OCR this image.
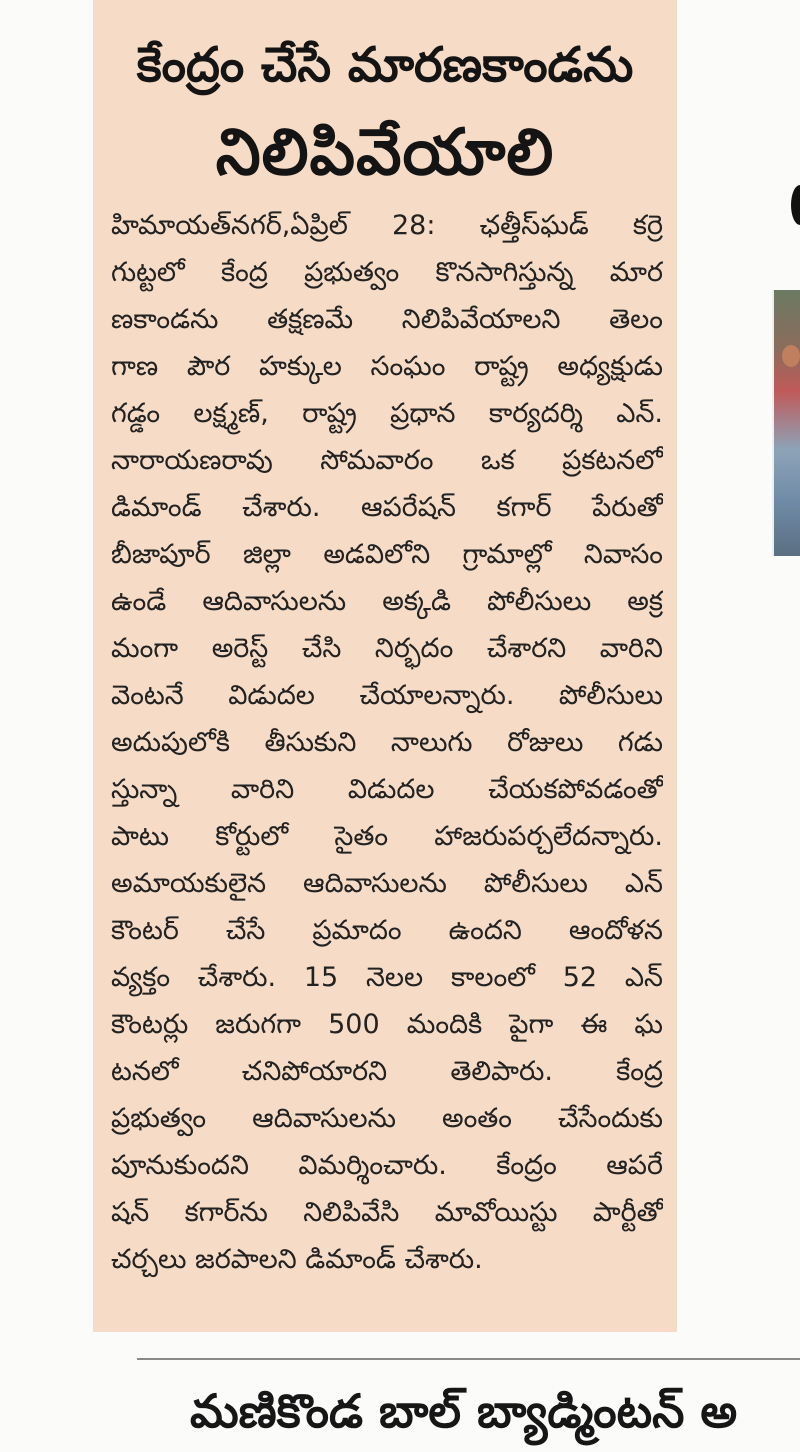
కేంద్రం చేసే మారణకాండను
నిలిపివేయాలి
హిమాయత్‌నగర్,ఏప్రిల్ 28: ఛత్తీస్‌ఘడ్ కర్రె
గుట్టలో కేంద్ర ప్రభుత్వం కొనసాగిస్తున్న మార
ణకాండను తక్షణమే నిలిపివేయాలని తెలం
గాణ పౌర హక్కుల సంఘం రాష్ట్ర అధ్యక్షుడు
గడ్డం లక్ష్మణ్, రాష్ట్ర ప్రధాన కార్యదర్శి ఎన్.
నారాయణరావు సోమవారం ఒక ప్రకటనలో
డిమాండ్ చేశారు. ఆపరేషన్ కగార్ పేరుతో
బీజాపూర్ జిల్లా అడవిలోని గ్రామాల్లో నివాసం
ఉండే ఆదివాసులను అక్కడి పోలీసులు అక్ర
మంగా అరెస్ట్ చేసి నిర్భదం చేశారని వారిని
వెంటనే విడుదల చేయాలన్నారు. పోలీసులు
అదుపులోకి తీసుకుని నాలుగు రోజులు గడు
స్తున్నా వారిని విడుదల చేయకపోవడంతో
పాటు కోర్టులో సైతం హాజరుపర్చలేదన్నారు.
అమాయకులైన ఆదివాసులను పోలీసులు ఎన్
కౌంటర్ చేసే ప్రమాదం ఉందని ఆందోళన
వ్యక్తం చేశారు. 15 నెలల కాలంలో 52 ఎన్
కౌంటర్లు జరుగగా 500 మందికి పైగా ఈ ఘ
టనలో చనిపోయారని తెలిపారు. కేంద్ర
ప్రభుత్వం ఆదివాసులను అంతం చేసేందుకు
పూనుకుందని విమర్శించారు. కేంద్రం ఆపరే
షన్ కగార్‌ను నిలిపివేసి మావోయిస్టు పార్టీతో
చర్చలు జరపాలని డిమాండ్ చేశారు.
మణికొండ బాల్ బ్యాడ్మింటన్ అ
